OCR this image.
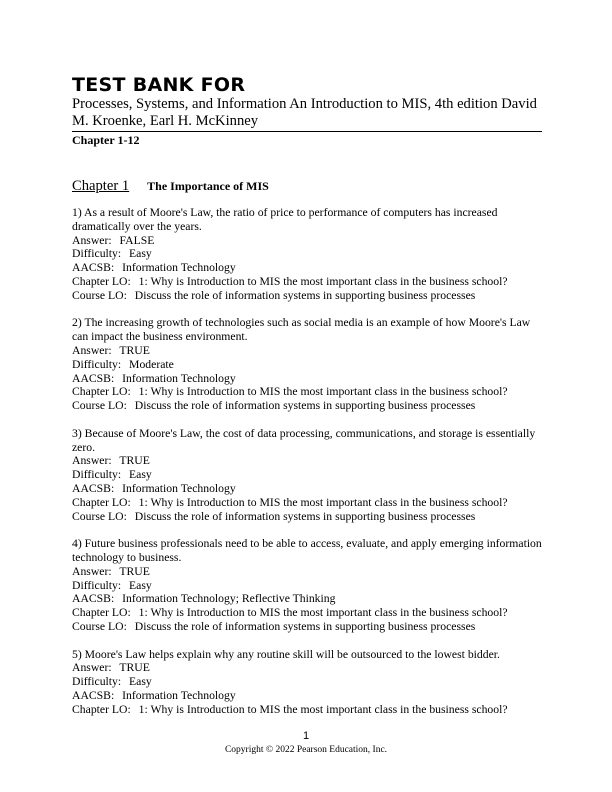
TEST BANK FOR
Processes, Systems, and Information An Introduction to MIS, 4th edition David M. Kroenke, Earl H. McKinney
Chapter 1-12
Chapter 1 The Importance of MIS
1) As a result of Moore's Law, the ratio of price to performance of computers has increased dramatically over the years.
Answer: FALSE
Difficulty: Easy
AACSB: Information Technology
Chapter LO: 1: Why is Introduction to MIS the most important class in the business school?
Course LO: Discuss the role of information systems in supporting business processes
2) The increasing growth of technologies such as social media is an example of how Moore's Law can impact the business environment.
Answer: TRUE
Difficulty: Moderate
AACSB: Information Technology
Chapter LO: 1: Why is Introduction to MIS the most important class in the business school?
Course LO: Discuss the role of information systems in supporting business processes
3) Because of Moore's Law, the cost of data processing, communications, and storage is essentially zero.
Answer: TRUE
Difficulty: Easy
AACSB: Information Technology
Chapter LO: 1: Why is Introduction to MIS the most important class in the business school?
Course LO: Discuss the role of information systems in supporting business processes
4) Future business professionals need to be able to access, evaluate, and apply emerging information technology to business.
Answer: TRUE
Difficulty: Easy
AACSB: Information Technology; Reflective Thinking
Chapter LO: 1: Why is Introduction to MIS the most important class in the business school?
Course LO: Discuss the role of information systems in supporting business processes
5) Moore's Law helps explain why any routine skill will be outsourced to the lowest bidder.
Answer: TRUE
Difficulty: Easy
AACSB: Information Technology
Chapter LO: 1: Why is Introduction to MIS the most important class in the business school?
1
Copyright © 2022 Pearson Education, Inc.
